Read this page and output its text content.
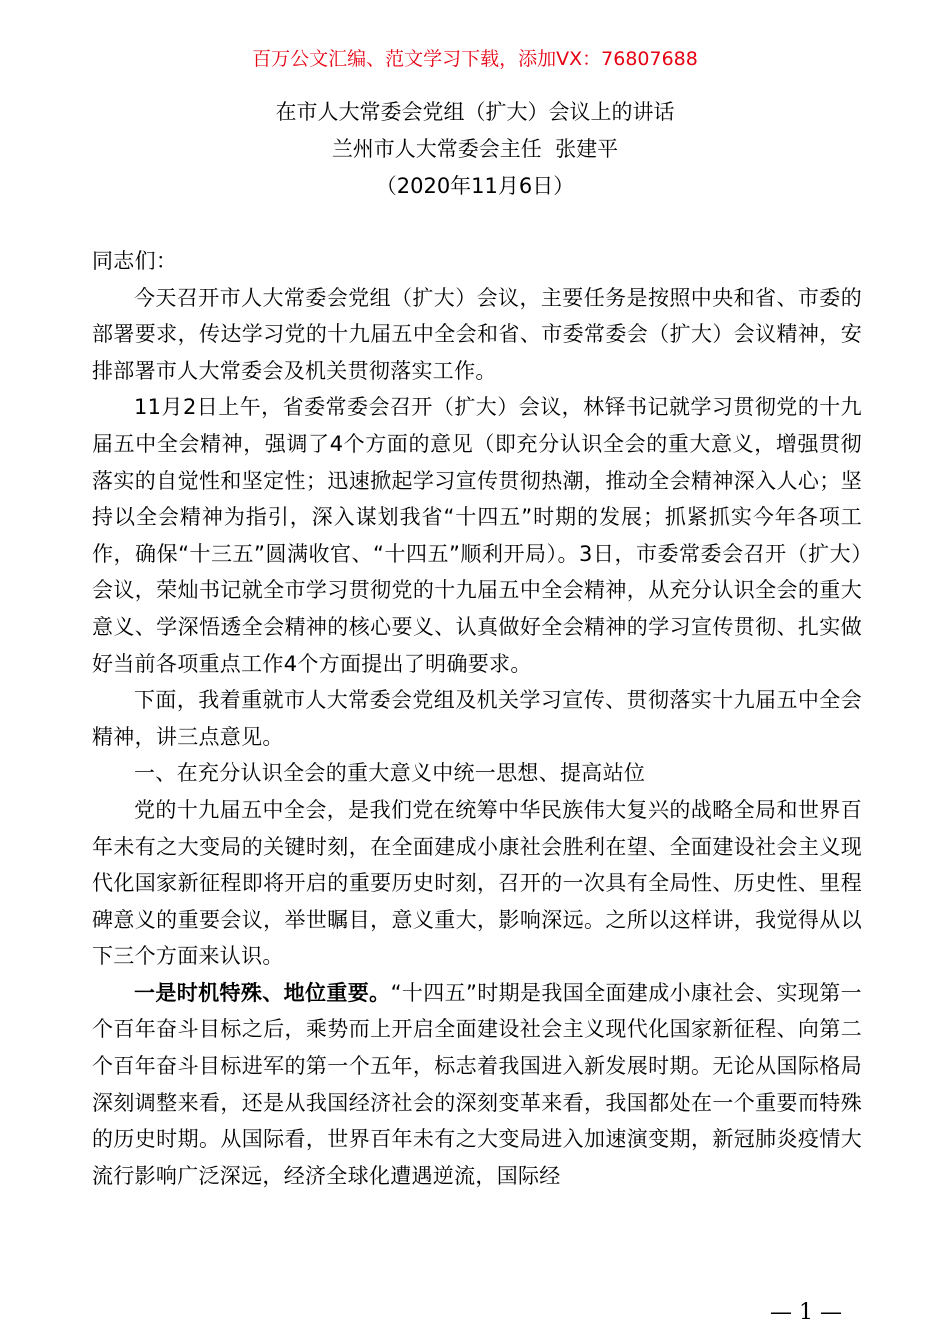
百万公文汇编、范文学习下载，添加VX：76807688
在市人大常委会党组（扩大）会议上的讲话
兰州市人大常委会主任  张建平
（2020年11月6日）

同志们：

今天召开市人大常委会党组（扩大）会议，主要任务是按照中央和省、市委的部署要求，传达学习党的十九届五中全会和省、市委常委会（扩大）会议精神，安排部署市人大常委会及机关贯彻落实工作。

11月2日上午，省委常委会召开（扩大）会议，林铎书记就学习贯彻党的十九届五中全会精神，强调了4个方面的意见（即充分认识全会的重大意义，增强贯彻落实的自觉性和坚定性；迅速掀起学习宣传贯彻热潮，推动全会精神深入人心；坚持以全会精神为指引，深入谋划我省“十四五”时期的发展；抓紧抓实今年各项工作，确保“十三五”圆满收官、“十四五”顺利开局）。3日，市委常委会召开（扩大）会议，荣灿书记就全市学习贯彻党的十九届五中全会精神，从充分认识全会的重大意义、学深悟透全会精神的核心要义、认真做好全会精神的学习宣传贯彻、扎实做好当前各项重点工作4个方面提出了明确要求。

下面，我着重就市人大常委会党组及机关学习宣传、贯彻落实十九届五中全会精神，讲三点意见。

一、在充分认识全会的重大意义中统一思想、提高站位

党的十九届五中全会，是我们党在统筹中华民族伟大复兴的战略全局和世界百年未有之大变局的关键时刻，在全面建成小康社会胜利在望、全面建设社会主义现代化国家新征程即将开启的重要历史时刻，召开的一次具有全局性、历史性、里程碑意义的重要会议，举世瞩目，意义重大，影响深远。之所以这样讲，我觉得从以下三个方面来认识。

一是时机特殊、地位重要。“十四五”时期是我国全面建成小康社会、实现第一个百年奋斗目标之后，乘势而上开启全面建设社会主义现代化国家新征程、向第二个百年奋斗目标进军的第一个五年，标志着我国进入新发展时期。无论从国际格局深刻调整来看，还是从我国经济社会的深刻变革来看，我国都处在一个重要而特殊的历史时期。从国际看，世界百年未有之大变局进入加速演变期，新冠肺炎疫情大流行影响广泛深远，经济全球化遭遇逆流，国际经

— 1 —
